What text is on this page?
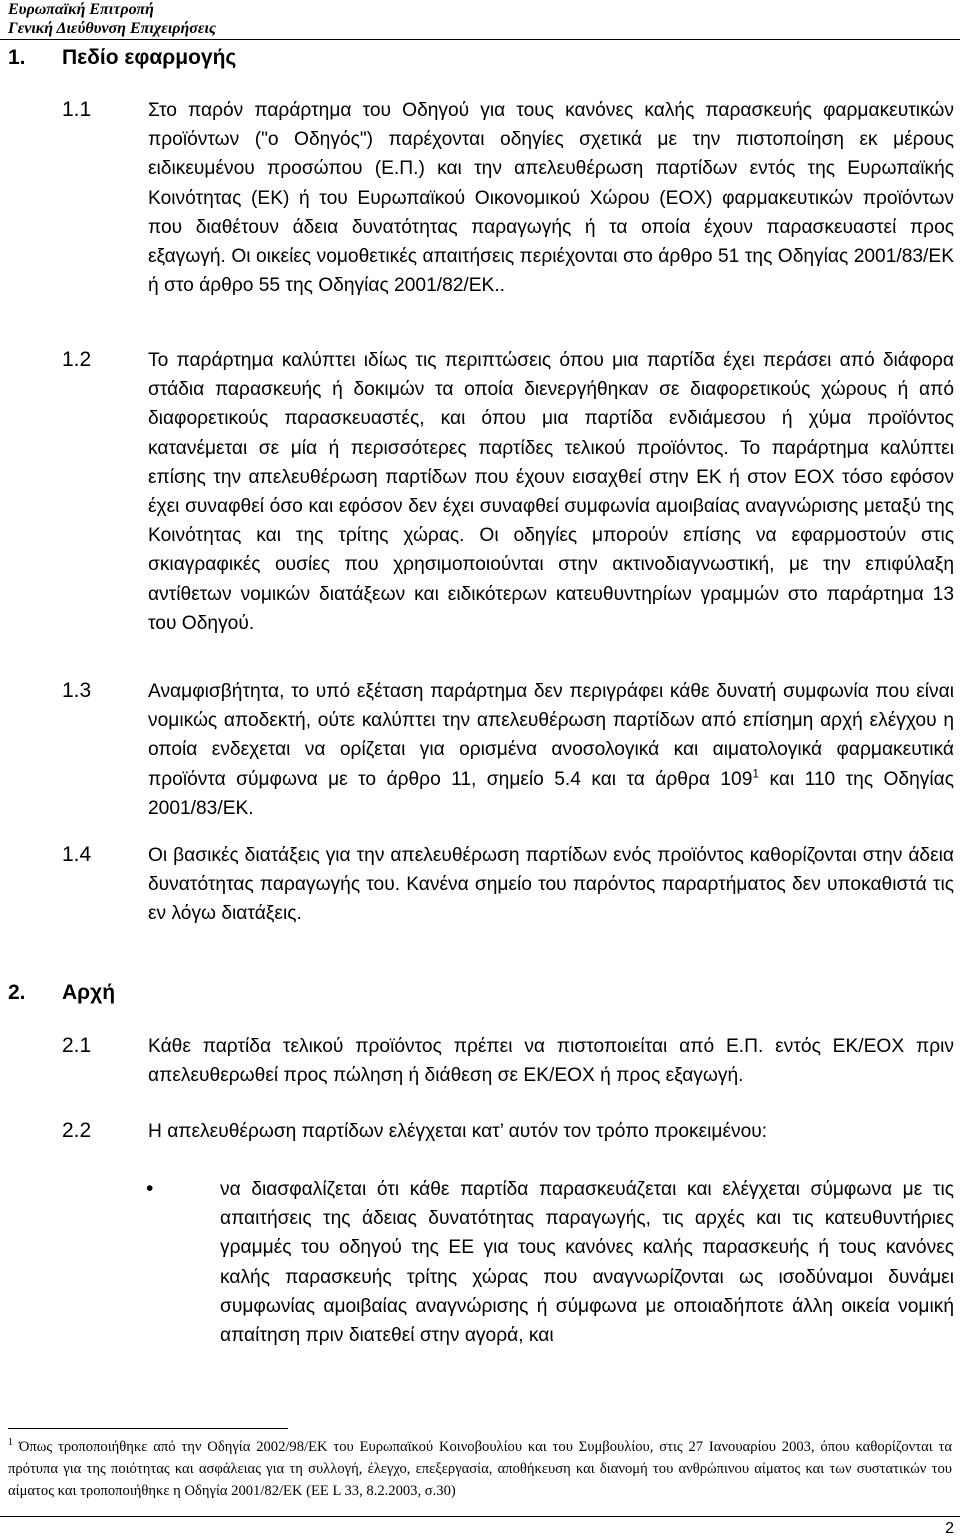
Ευρωπαϊκή Επιτροπή
Γενική Διεύθυνση Επιχειρήσεις
1. Πεδίο εφαρμογής
1.1	Στο παρόν παράρτημα του Οδηγού για τους κανόνες καλής παρασκευής φαρμακευτικών προϊόντων ("ο Οδηγός") παρέχονται οδηγίες σχετικά με την πιστοποίηση εκ μέρους ειδικευμένου προσώπου (Ε.Π.) και την απελευθέρωση παρτίδων εντός της Ευρωπαϊκής Κοινότητας (ΕΚ) ή του Ευρωπαϊκού Οικονομικού Χώρου (ΕΟΧ) φαρμακευτικών προϊόντων που διαθέτουν άδεια δυνατότητας παραγωγής ή τα οποία έχουν παρασκευαστεί προς εξαγωγή. Οι οικείες νομοθετικές απαιτήσεις περιέχονται στο άρθρο 51 της Οδηγίας 2001/83/ΕΚ ή στο άρθρο 55 της Οδηγίας 2001/82/ΕΚ..

1.2	Το παράρτημα καλύπτει ιδίως τις περιπτώσεις όπου μια παρτίδα έχει περάσει από διάφορα στάδια παρασκευής ή δοκιμών τα οποία διενεργήθηκαν σε διαφορετικούς χώρους ή από διαφορετικούς παρασκευαστές, και όπου μια παρτίδα ενδιάμεσου ή χύμα προϊόντος κατανέμεται σε μία ή περισσότερες παρτίδες τελικού προϊόντος. Το παράρτημα καλύπτει επίσης την απελευθέρωση παρτίδων που έχουν εισαχθεί στην ΕΚ ή στον ΕΟΧ τόσο εφόσον έχει συναφθεί όσο και εφόσον δεν έχει συναφθεί συμφωνία αμοιβαίας αναγνώρισης μεταξύ της Κοινότητας και της τρίτης χώρας. Οι οδηγίες μπορούν επίσης να εφαρμοστούν στις σκιαγραφικές ουσίες που χρησιμοποιούνται στην ακτινοδιαγνωστική, με την επιφύλαξη αντίθετων νομικών διατάξεων και ειδικότερων κατευθυντηρίων γραμμών στο παράρτημα 13 του Οδηγού.

1.3	Αναμφισβήτητα, το υπό εξέταση παράρτημα δεν περιγράφει κάθε δυνατή συμφωνία που είναι νομικώς αποδεκτή, ούτε καλύπτει την απελευθέρωση παρτίδων από επίσημη αρχή ελέγχου η οποία ενδεχεται να ορίζεται για ορισμένα ανοσολογικά και αιματολογικά φαρμακευτικά προϊόντα σύμφωνα με το άρθρο 11, σημείο 5.4 και τα άρθρα $109^1$ και 110 της Οδηγίας 2001/83/ΕΚ.

1.4	Οι βασικές διατάξεις για την απελευθέρωση παρτίδων ενός προϊόντος καθορίζονται στην άδεια δυνατότητας παραγωγής του. Κανένα σημείο του παρόντος παραρτήματος δεν υποκαθιστά τις εν λόγω διατάξεις.

2. Αρχή
2.1	Κάθε παρτίδα τελικού προϊόντος πρέπει να πιστοποιείται από Ε.Π. εντός ΕΚ/ΕΟΧ πριν απελευθερωθεί προς πώληση ή διάθεση σε ΕΚ/ΕΟΧ ή προς εξαγωγή.

2.2	Η απελευθέρωση παρτίδων ελέγχεται κατ’ αυτόν τον τρόπο προκειμένου:

•	να διασφαλίζεται ότι κάθε παρτίδα παρασκευάζεται και ελέγχεται σύμφωνα με τις απαιτήσεις της άδειας δυνατότητας παραγωγής, τις αρχές και τις κατευθυντήριες γραμμές του οδηγού της ΕΕ για τους κανόνες καλής παρασκευής ή τους κανόνες καλής παρασκευής τρίτης χώρας που αναγνωρίζονται ως ισοδύναμοι δυνάμει συμφωνίας αμοιβαίας αναγνώρισης ή σύμφωνα με οποιαδήποτε άλλη οικεία νομική απαίτηση πριν διατεθεί στην αγορά, και

$^1$ Όπως τροποποιήθηκε από την Οδηγία 2002/98/ΕΚ του Ευρωπαϊκού Κοινοβουλίου και του Συμβουλίου, στις 27 Ιανουαρίου 2003, όπου καθορίζονται τα πρότυπα για της ποιότητας και ασφάλειας για τη συλλογή, έλεγχο, επεξεργασία, αποθήκευση και διανομή του ανθρώπινου αίματος και των συστατικών του αίματος και τροποποιήθηκε η Οδηγία 2001/82/ΕΚ (ΕΕ L 33, 8.2.2003, σ.30)

2
